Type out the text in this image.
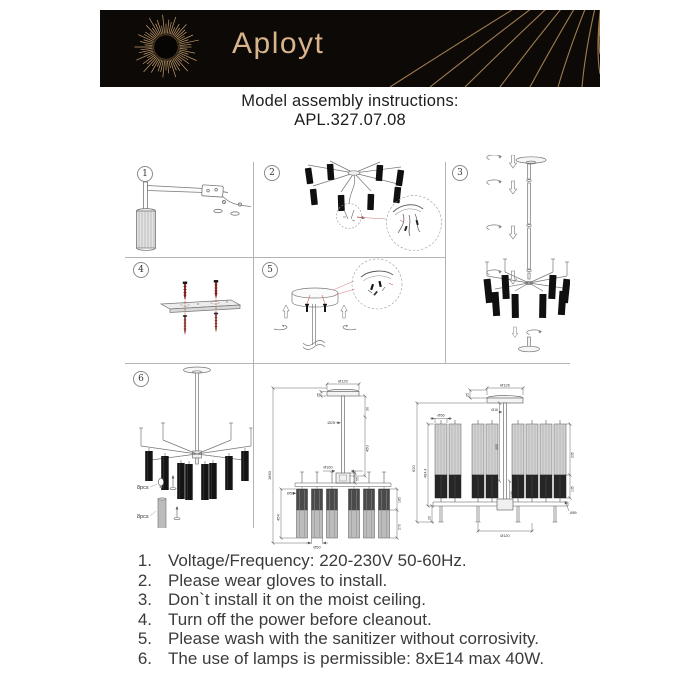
Aployt
Model assembly instructions:
APL.327.07.08
1	2	3
4	5
6
8pcs
8pcs
1850
454
Ø120
25
Ø25
30
450
Ø160
55
Ø50
185
270
Ø50
620 464.4
25
Ø126
Ø16
Ø56
400
130
20
Ø120
235
135
Ø59
1. Voltage/Frequency: 220-230V 50-60Hz.
2. Please wear gloves to install.
3. Don`t install it on the moist ceiling.
4. Turn off the power before cleanout.
5. Please wash with the sanitizer without corrosivity.
6. The use of lamps is permissible: 8xE14 max 40W.
